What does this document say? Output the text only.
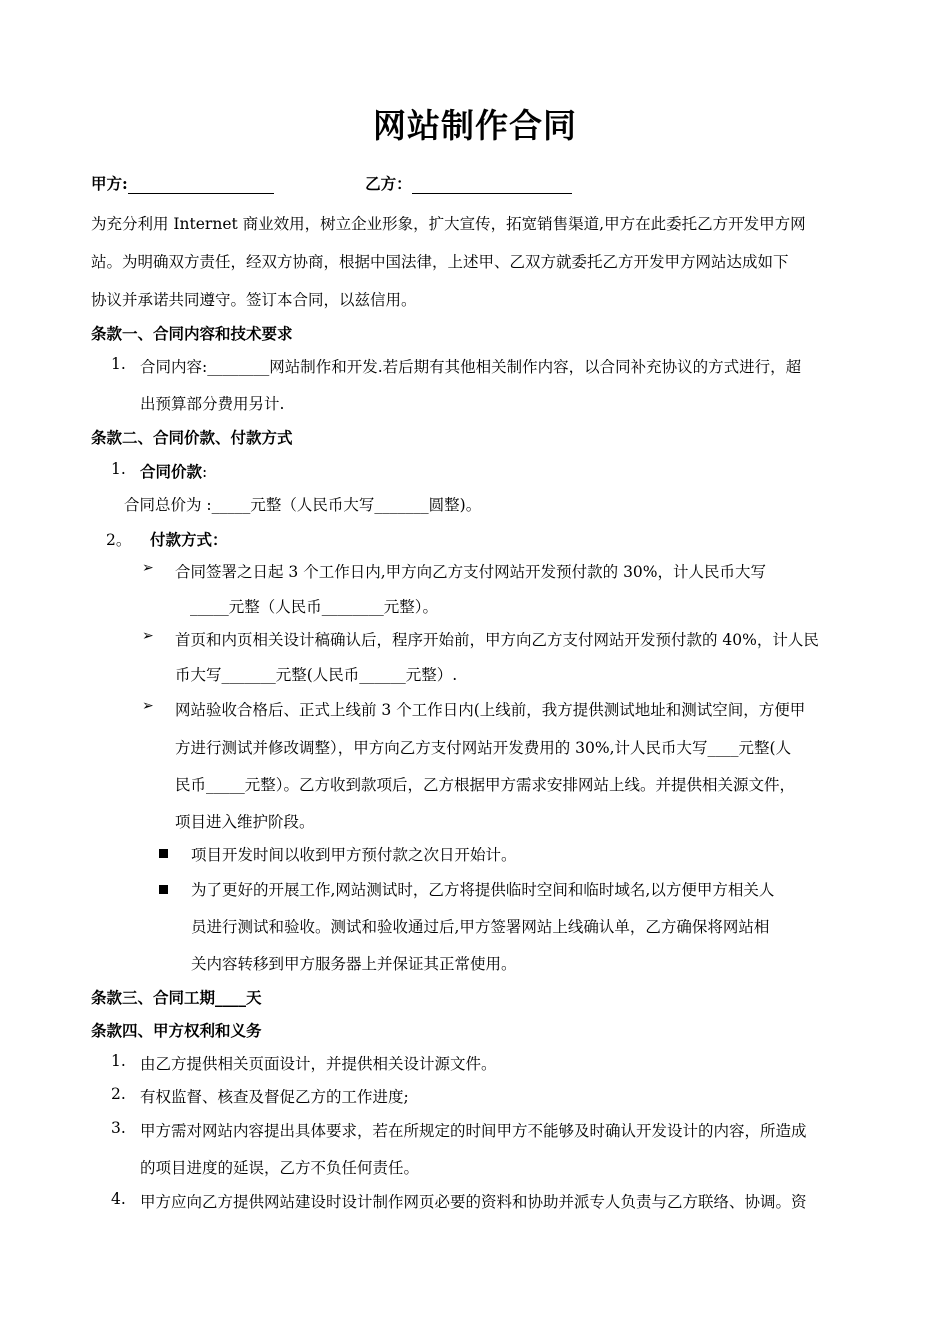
网站制作合同
甲方:	乙方：
为充分利用 Internet 商业效用，树立企业形象，扩大宣传，拓宽销售渠道,甲方在此委托乙方开发甲方网
站。为明确双方责任，经双方协商，根据中国法律，上述甲、乙双方就委托乙方开发甲方网站达成如下
协议并承诺共同遵守。签订本合同，以兹信用。
条款一、合同内容和技术要求
1. 合同内容:________网站制作和开发.若后期有其他相关制作内容，以合同补充协议的方式进行，超
出预算部分费用另计.
条款二、合同价款、付款方式
1. 合同价款:
合同总价为 :_____元整（人民币大写_______圆整)。
2。 付款方式：
➢ 合同签署之日起 3 个工作日内,甲方向乙方支付网站开发预付款的 30%，计人民币大写
_____元整（人民币________元整）。
➢ 首页和内页相关设计稿确认后，程序开始前，甲方向乙方支付网站开发预付款的 40%，计人民
币大写_______元整(人民币______元整）.
➢ 网站验收合格后、正式上线前 3 个工作日内(上线前，我方提供测试地址和测试空间，方便甲
方进行测试并修改调整），甲方向乙方支付网站开发费用的 30%,计人民币大写____元整(人
民币_____元整）。乙方收到款项后，乙方根据甲方需求安排网站上线。并提供相关源文件，
项目进入维护阶段。
项目开发时间以收到甲方预付款之次日开始计。
为了更好的开展工作,网站测试时，乙方将提供临时空间和临时域名,以方便甲方相关人
员进行测试和验收。测试和验收通过后,甲方签署网站上线确认单，乙方确保将网站相
关内容转移到甲方服务器上并保证其正常使用。
条款三、合同工期____天
条款四、甲方权利和义务
1. 由乙方提供相关页面设计，并提供相关设计源文件。
2. 有权监督、核查及督促乙方的工作进度;
3. 甲方需对网站内容提出具体要求，若在所规定的时间甲方不能够及时确认开发设计的内容，所造成
的项目进度的延误，乙方不负任何责任。
4. 甲方应向乙方提供网站建设时设计制作网页必要的资料和协助并派专人负责与乙方联络、协调。资
